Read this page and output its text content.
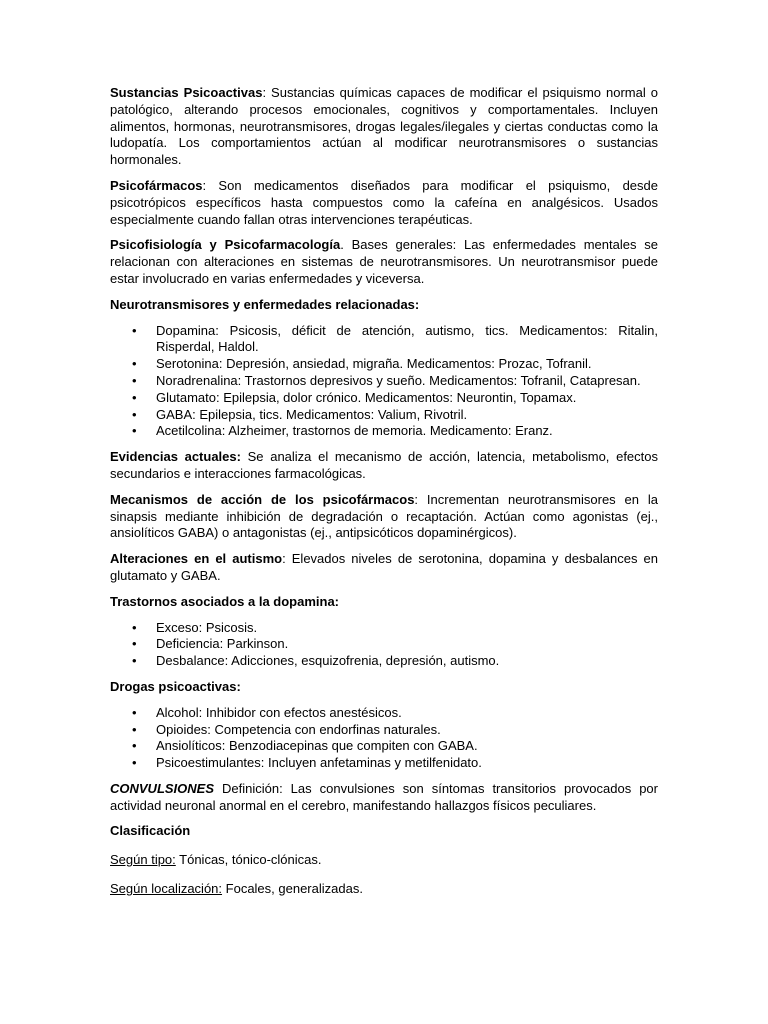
Sustancias Psicoactivas: Sustancias químicas capaces de modificar el psiquismo normal o patológico, alterando procesos emocionales, cognitivos y comportamentales. Incluyen alimentos, hormonas, neurotransmisores, drogas legales/ilegales y ciertas conductas como la ludopatía. Los comportamientos actúan al modificar neurotransmisores o sustancias hormonales.

Psicofármacos: Son medicamentos diseñados para modificar el psiquismo, desde psicotrópicos específicos hasta compuestos como la cafeína en analgésicos. Usados especialmente cuando fallan otras intervenciones terapéuticas.

Psicofisiología y Psicofarmacología. Bases generales: Las enfermedades mentales se relacionan con alteraciones en sistemas de neurotransmisores. Un neurotransmisor puede estar involucrado en varias enfermedades y viceversa.

Neurotransmisores y enfermedades relacionadas:

• Dopamina: Psicosis, déficit de atención, autismo, tics. Medicamentos: Ritalin, Risperdal, Haldol.
• Serotonina: Depresión, ansiedad, migraña. Medicamentos: Prozac, Tofranil.
• Noradrenalina: Trastornos depresivos y sueño. Medicamentos: Tofranil, Catapresan.
• Glutamato: Epilepsia, dolor crónico. Medicamentos: Neurontin, Topamax.
• GABA: Epilepsia, tics. Medicamentos: Valium, Rivotril.
• Acetilcolina: Alzheimer, trastornos de memoria. Medicamento: Eranz.

Evidencias actuales: Se analiza el mecanismo de acción, latencia, metabolismo, efectos secundarios e interacciones farmacológicas.

Mecanismos de acción de los psicofármacos: Incrementan neurotransmisores en la sinapsis mediante inhibición de degradación o recaptación. Actúan como agonistas (ej., ansiolíticos GABA) o antagonistas (ej., antipsicóticos dopaminérgicos).

Alteraciones en el autismo: Elevados niveles de serotonina, dopamina y desbalances en glutamato y GABA.

Trastornos asociados a la dopamina:

• Exceso: Psicosis.
• Deficiencia: Parkinson.
• Desbalance: Adicciones, esquizofrenia, depresión, autismo.

Drogas psicoactivas:

• Alcohol: Inhibidor con efectos anestésicos.
• Opioides: Competencia con endorfinas naturales.
• Ansiolíticos: Benzodiacepinas que compiten con GABA.
• Psicoestimulantes: Incluyen anfetaminas y metilfenidato.

CONVULSIONES Definición: Las convulsiones son síntomas transitorios provocados por actividad neuronal anormal en el cerebro, manifestando hallazgos físicos peculiares.

Clasificación

Según tipo: Tónicas, tónico-clónicas.

Según localización: Focales, generalizadas.
